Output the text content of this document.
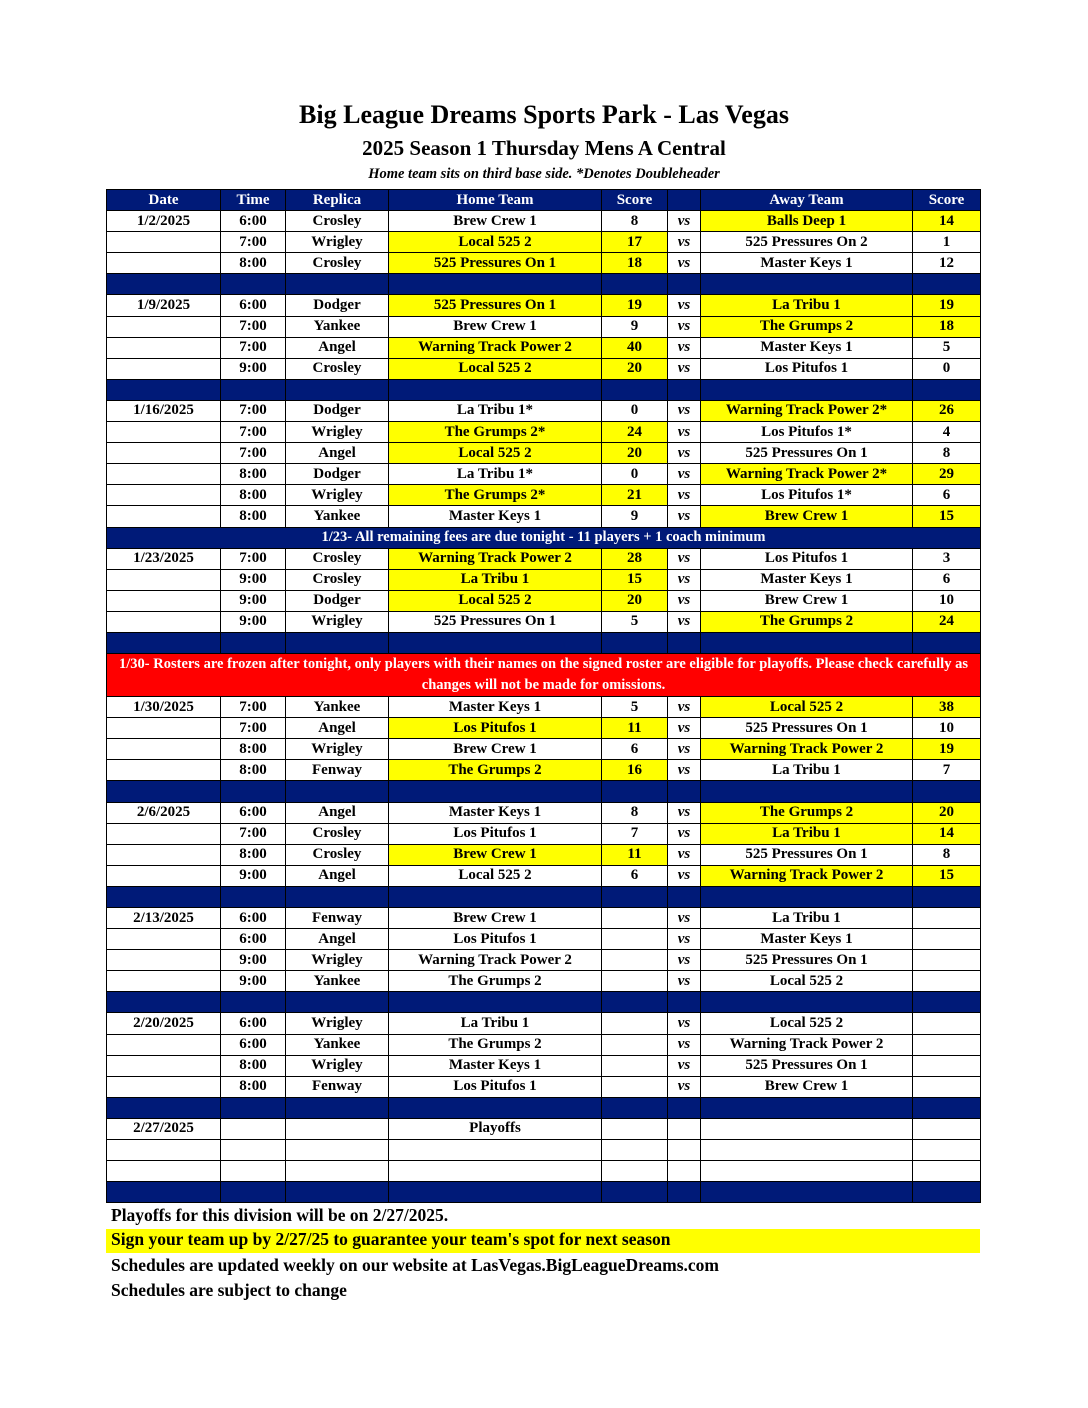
Big League Dreams Sports Park - Las Vegas
2025 Season 1 Thursday Mens A Central
Home team sits on third base side. *Denotes Doubleheader
Date	Time	Replica	Home Team	Score		Away Team	Score
1/2/2025	6:00	Crosley	Brew Crew 1	8	vs	Balls Deep 1	14
	7:00	Wrigley	Local 525 2	17	vs	525 Pressures On 2	1
	8:00	Crosley	525 Pressures On 1	18	vs	Master Keys 1	12

1/9/2025	6:00	Dodger	525 Pressures On 1	19	vs	La Tribu 1	19
	7:00	Yankee	Brew Crew 1	9	vs	The Grumps 2	18
	7:00	Angel	Warning Track Power 2	40	vs	Master Keys 1	5
	9:00	Crosley	Local 525 2	20	vs	Los Pitufos 1	0

1/16/2025	7:00	Dodger	La Tribu 1*	0	vs	Warning Track Power 2*	26
	7:00	Wrigley	The Grumps 2*	24	vs	Los Pitufos 1*	4
	7:00	Angel	Local 525 2	20	vs	525 Pressures On 1	8
	8:00	Dodger	La Tribu 1*	0	vs	Warning Track Power 2*	29
	8:00	Wrigley	The Grumps 2*	21	vs	Los Pitufos 1*	6
	8:00	Yankee	Master Keys 1	9	vs	Brew Crew 1	15
1/23- All remaining fees are due tonight - 11 players + 1 coach minimum							
1/23/2025	7:00	Crosley	Warning Track Power 2	28	vs	Los Pitufos 1	3
	9:00	Crosley	La Tribu 1	15	vs	Master Keys 1	6
	9:00	Dodger	Local 525 2	20	vs	Brew Crew 1	10
	9:00	Wrigley	525 Pressures On 1	5	vs	The Grumps 2	24

1/30- Rosters are frozen after tonight, only players with their names on the signed roster are eligible for playoffs. Please check carefully as changes will not be made for omissions.							
1/30/2025	7:00	Yankee	Master Keys 1	5	vs	Local 525 2	38
	7:00	Angel	Los Pitufos 1	11	vs	525 Pressures On 1	10
	8:00	Wrigley	Brew Crew 1	6	vs	Warning Track Power 2	19
	8:00	Fenway	The Grumps 2	16	vs	La Tribu 1	7

2/6/2025	6:00	Angel	Master Keys 1	8	vs	The Grumps 2	20
	7:00	Crosley	Los Pitufos 1	7	vs	La Tribu 1	14
	8:00	Crosley	Brew Crew 1	11	vs	525 Pressures On 1	8
	9:00	Angel	Local 525 2	6	vs	Warning Track Power 2	15

2/13/2025	6:00	Fenway	Brew Crew 1		vs	La Tribu 1	
	6:00	Angel	Los Pitufos 1		vs	Master Keys 1	
	9:00	Wrigley	Warning Track Power 2		vs	525 Pressures On 1	
	9:00	Yankee	The Grumps 2		vs	Local 525 2	

2/20/2025	6:00	Wrigley	La Tribu 1		vs	Local 525 2	
	6:00	Yankee	The Grumps 2		vs	Warning Track Power 2	
	8:00	Wrigley	Master Keys 1		vs	525 Pressures On 1	
	8:00	Fenway	Los Pitufos 1		vs	Brew Crew 1	

2/27/2025			Playoffs				

Playoffs for this division will be on 2/27/2025.
Sign your team up by 2/27/25 to guarantee your team's spot for next season
Schedules are updated weekly on our website at LasVegas.BigLeagueDreams.com
Schedules are subject to change
